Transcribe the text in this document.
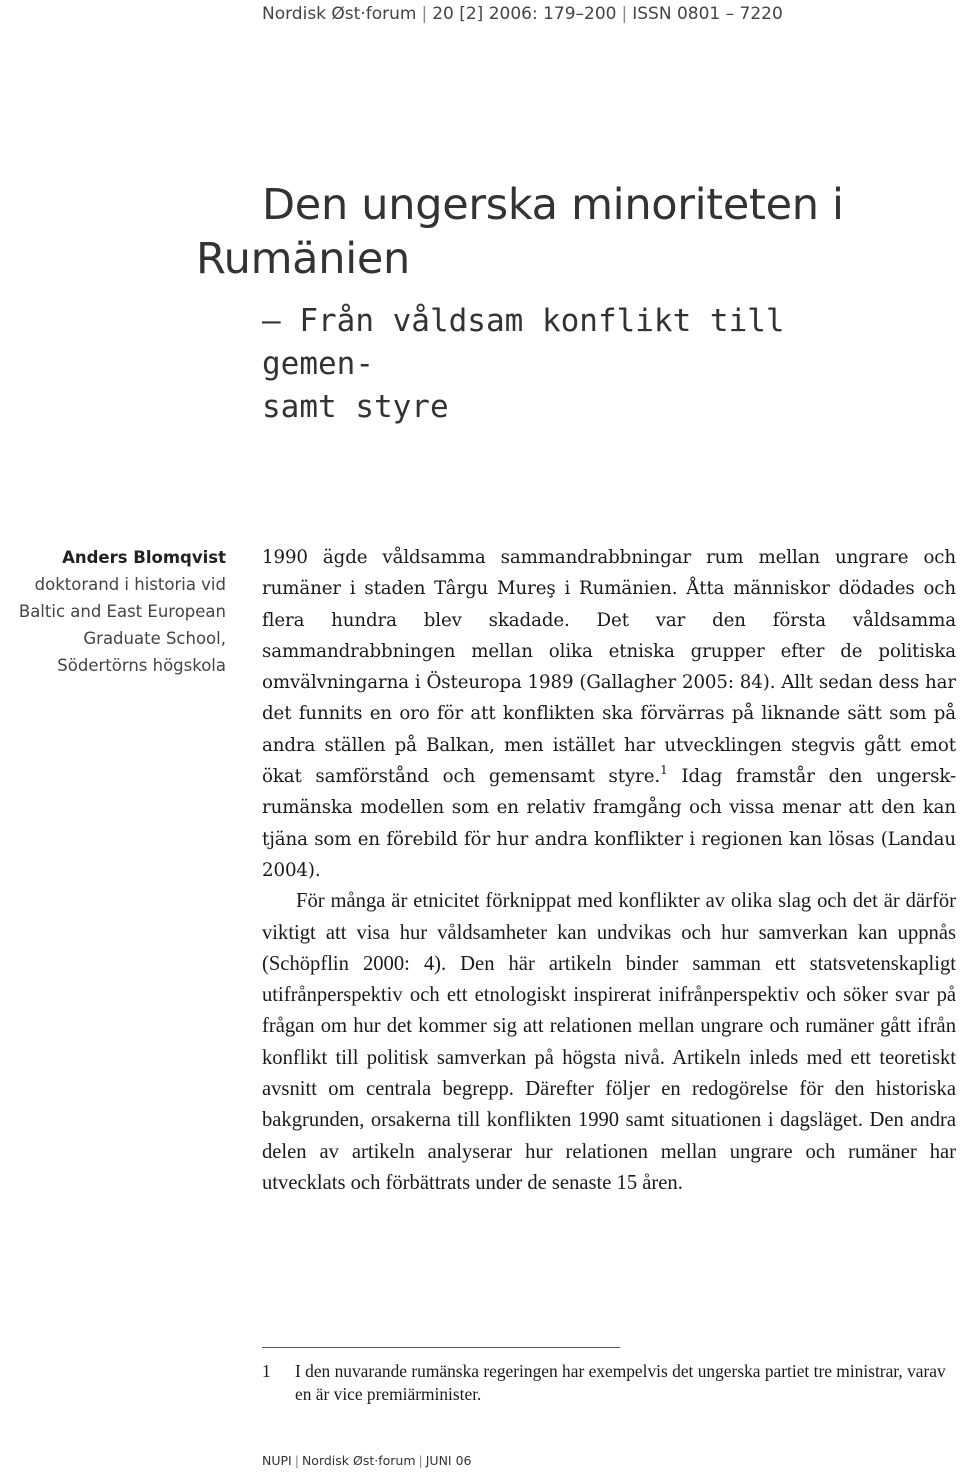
Nordisk Øst·forum | 20 [2] 2006: 179–200 | ISSN 0801 – 7220
Den ungerska minoriteten i
Rumänien
– Från våldsam konflikt till gemen-
samt styre
Anders Blomqvist
doktorand i historia vid
Baltic and East European
Graduate School,
Södertörns högskola

1990 ägde våldsamma sammandrabbningar rum mellan ungrare och rumäner i staden Târgu Mureş i Rumänien. Åtta människor dödades och flera hundra blev skadade. Det var den första våldsamma sammandrabbningen mellan olika etniska grupper efter de politiska omvälvningarna i Östeuropa 1989 (Gallagher 2005: 84). Allt sedan dess har det funnits en oro för att konflikten ska förvärras på liknande sätt som på andra ställen på Balkan, men istället har utvecklingen stegvis gått emot ökat samförstånd och gemensamt styre.$^1$ Idag framstår den ungersk-rumänska modellen som en relativ framgång och vissa menar att den kan tjäna som en förebild för hur andra konflikter i regionen kan lösas (Landau 2004).

För många är etnicitet förknippat med konflikter av olika slag och det är därför viktigt att visa hur våldsamheter kan undvikas och hur samverkan kan uppnås (Schöpflin 2000: 4). Den här artikeln binder samman ett statsvetenskapligt utifrånperspektiv och ett etnologiskt inspirerat inifrånperspektiv och söker svar på frågan om hur det kommer sig att relationen mellan ungrare och rumäner gått ifrån konflikt till politisk samverkan på högsta nivå. Artikeln inleds med ett teoretiskt avsnitt om centrala begrepp. Därefter följer en redogörelse för den historiska bakgrunden, orsakerna till konflikten 1990 samt situationen i dagsläget. Den andra delen av artikeln analyserar hur relationen mellan ungrare och rumäner har utvecklats och förbättrats under de senaste 15 åren.

1 I den nuvarande rumänska regeringen har exempelvis det ungerska partiet tre ministrar, varav en är vice premiärminister.
NUPI | Nordisk Øst·forum | JUNI 06
